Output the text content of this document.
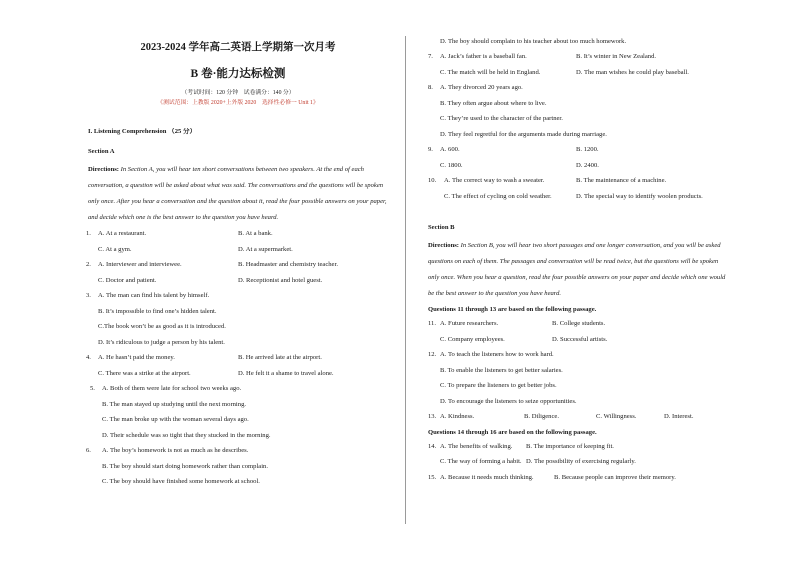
2023-2024 学年高二英语上学期第一次月考
B 卷·能力达标检测
（考试时间：120 分钟　试卷满分：140 分）
《测试范围：上教版 2020+上外版 2020　选择性必修一 Unit 1》
I. Listening Comprehension （25 分）
Section A
Directions: In Section A, you will hear ten short conversations between two speakers. At the end of each
conversation, a question will be asked about what was said. The conversations and the questions will be spoken
only once. After you hear a conversation and the question about it, read the four possible answers on your paper,
and decide which one is the best answer to the question you have heard.
1. A. At a restaurant.	B. At a bank.
C. At a gym.	D. At a supermarket.
2. A. Interviewer and interviewee.	B. Headmaster and chemistry teacher.
C. Doctor and patient.	D. Receptionist and hotel guest.
3. A. The man can find his talent by himself.
B. It’s impossible to find one’s hidden talent.
C.The book won’t be as good as it is introduced.
D. It’s ridiculous to judge a person by his talent.
4. A. He hasn’t paid the money.	B. He arrived late at the airport.
C. There was a strike at the airport.	D. He felt it a shame to travel alone.
5. A. Both of them were late for school two weeks ago.
B. The man stayed up studying until the next morning.
C. The man broke up with the woman several days ago.
D. Their schedule was so tight that they stucked in the morning.
6. A. The boy’s homework is not as much as he describes.
B. The boy should start doing homework rather than complain.
C. The boy should have finished some homework at school.
D. The boy should complain to his teacher about too much homework.
7. A. Jack’s father is a baseball fan.	B. It’s winter in New Zealand.
C. The match will be held in England.	D. The man wishes he could play baseball.
8. A. They divorced 20 years ago.
B. They often argue about where to live.
C. They’re used to the character of the partner.
D. They feel regretful for the arguments made during marriage.
9. A. 600.	B. 1200.
C. 1800.	D. 2400.
10. A. The correct way to wash a sweater.	B. The maintenance of a machine.
C. The effect of cycling on cold weather.	D. The special way to identify woolen products.
Section B
Directions: In Section B, you will hear two short passages and one longer conversation, and you will be asked
questions on each of them. The passages and conversation will be read twice, but the questions will be spoken
only once. When you hear a question, read the four possible answers on your paper and decide which one would
be the best answer to the question you have heard.
Questions 11 through 13 are based on the following passage.
11. A. Future researchers.	B. College students.
C. Company employees.	D. Successful artists.
12. A. To teach the listeners how to work hard.
B. To enable the listeners to get better salaries.
C. To prepare the listeners to get better jobs.
D. To encourage the listeners to seize opportunities.
13. A. Kindness.	B. Diligence.	C. Willingness.	D. Interest.
Questions 14 through 16 are based on the following passage.
14. A. The benefits of walking. B. The importance of keeping fit.
C. The way of forming a habit. D. The possibility of exercising regularly.
15. A. Because it needs much thinking.	B. Because people can improve their memory.
